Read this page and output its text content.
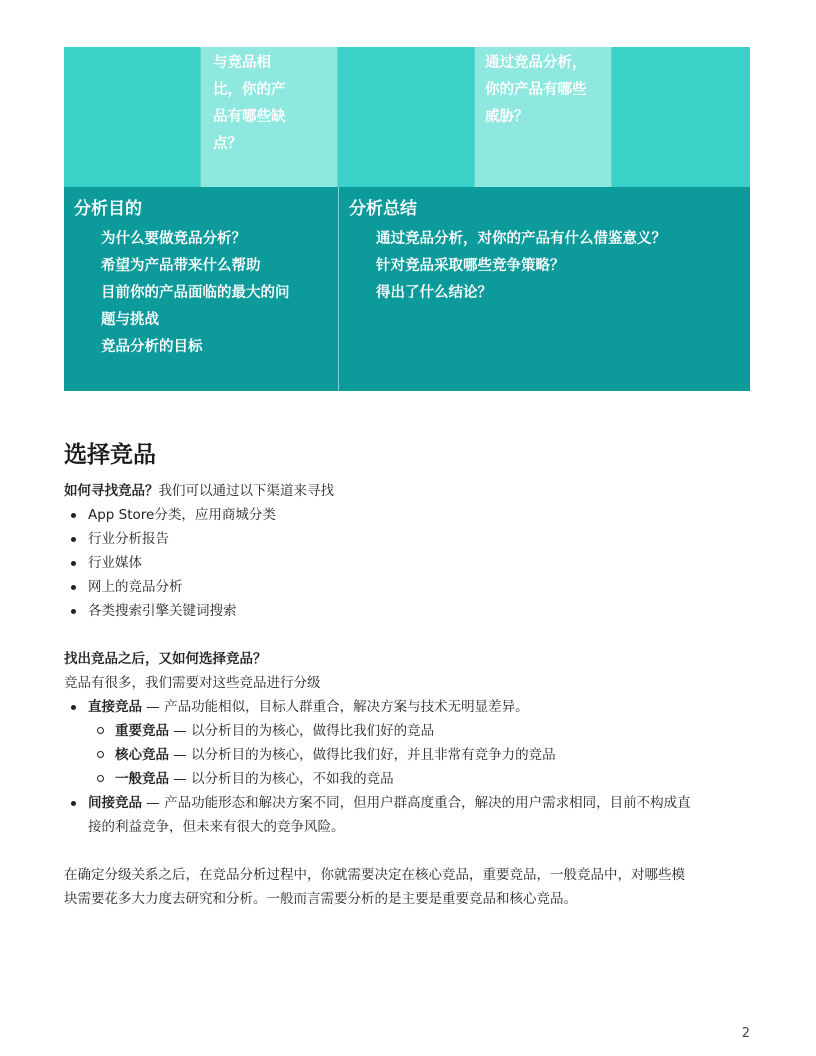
与竞品相
比，你的产
品有哪些缺
点？

通过竞品分析，
你的产品有哪些
威胁？

分析目的

为什么要做竞品分析？
希望为产品带来什么帮助
目前你的产品面临的最大的问
题与挑战
竞品分析的目标

分析总结

通过竞品分析，对你的产品有什么借鉴意义？
针对竞品采取哪些竞争策略？
得出了什么结论？
选择竞品

如何寻找竞品？我们可以通过以下渠道来寻找

App Store分类，应用商城分类
行业分析报告
行业媒体
网上的竞品分析
各类搜索引擎关键词搜索

找出竞品之后，又如何选择竞品？

竞品有很多，我们需要对这些竞品进行分级

直接竞品 — 产品功能相似，目标人群重合，解决方案与技术无明显差异。
重要竞品 — 以分析目的为核心，做得比我们好的竞品
核心竞品 — 以分析目的为核心，做得比我们好，并且非常有竞争力的竞品
一般竞品 — 以分析目的为核心，不如我的竞品
间接竞品 — 产品功能形态和解决方案不同，但用户群高度重合，解决的用户需求相同，目前不构成直
接的利益竞争，但未来有很大的竞争风险。

在确定分级关系之后，在竞品分析过程中，你就需要决定在核心竞品，重要竞品，一般竞品中，对哪些模
块需要花多大力度去研究和分析。一般而言需要分析的是主要是重要竞品和核心竞品。

2
